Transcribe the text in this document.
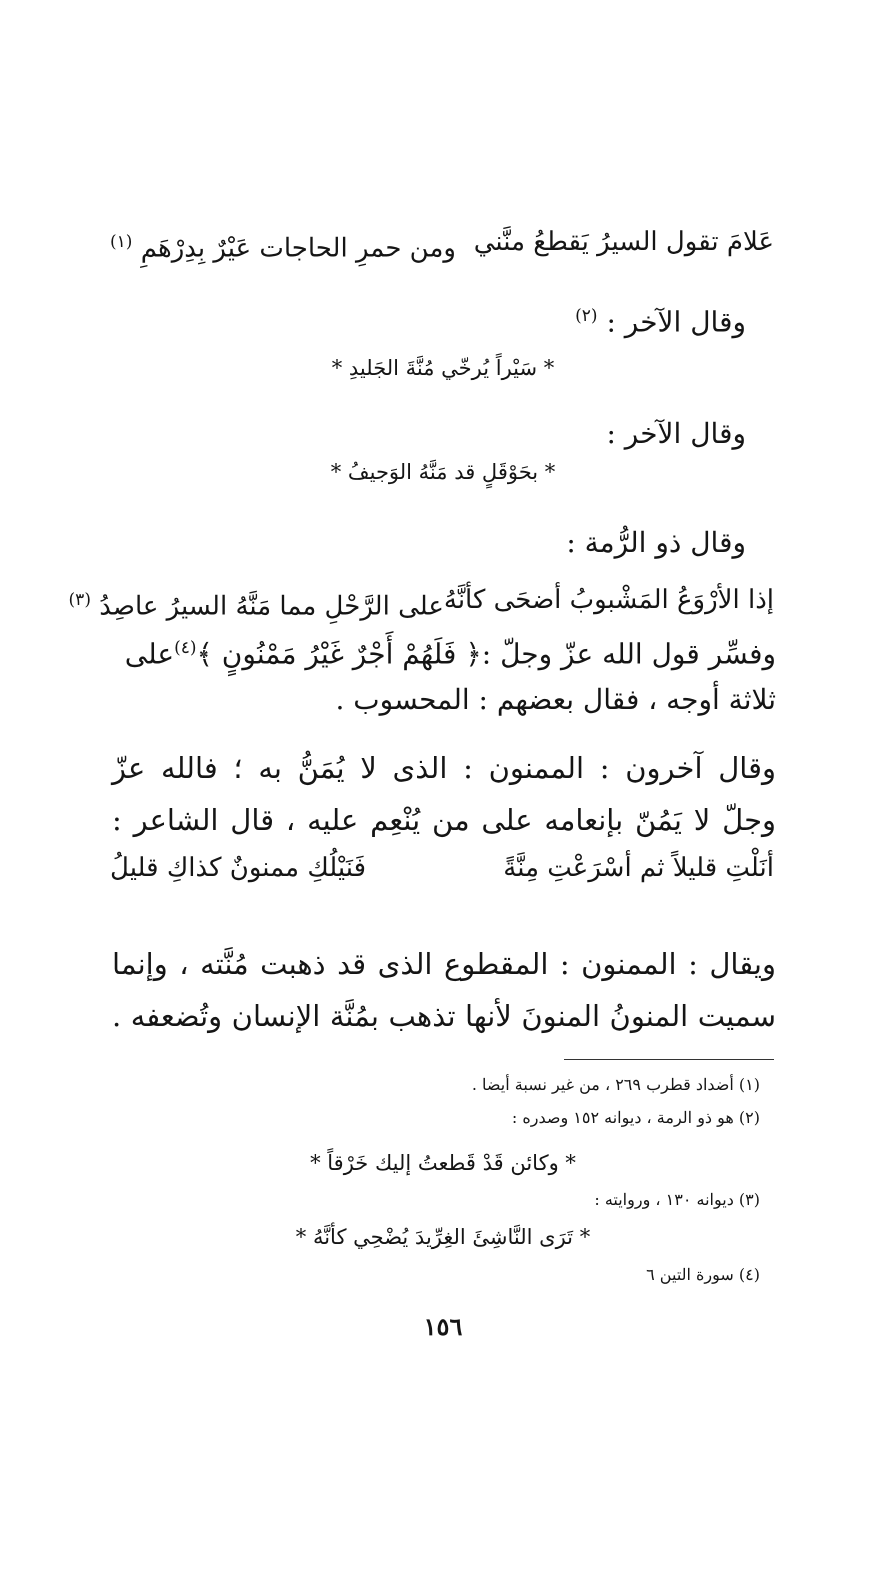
عَلامَ تقول السيرُ يَقطعُ منَّني
ومن حمرِ الحاجات عَيْرٌ بِدِرْهَمِ $^{(١)}$
وقال الآخر : $^{(٢)}$
* سَيْراً يُرخّي مُنَّةَ الجَليدِ *
وقال الآخر :
* بحَوْقَلٍ قد مَنَّهُ الوَجيفُ *
وقال ذو الرُّمة :
إذا الأرْوَعُ المَشْبوبُ أضحَى كأنَّهُ
على الرَّحْلِ مما مَنَّهُ السيرُ عاصِدُ $^{(٣)}$
وفسِّر قول الله عزّ وجلّ :﴿ فَلَهُمْ أَجْرٌ غَيْرُ مَمْنُونٍ ﴾$^{(٤)}$على
ثلاثة أوجه ، فقال بعضهم : المحسوب .
وقال آخرون : الممنون : الذى لا يُمَنُّ به ؛ فالله عزّ
وجلّ لا يَمُنّ بإنعامه على من يُنْعِم عليه ، قال الشاعر :
أنَلْتِ قليلاً ثم أسْرَعْتِ مِنَّةً
فَنَيْلُكِ ممنونٌ كذاكِ قليلُ
ويقال : الممنون : المقطوع الذى قد ذهبت مُنَّته ، وإنما
سميت المنونُ المنونَ لأنها تذهب بمُنَّة الإنسان وتُضعفه .
(١) أضداد قطرب ٢٦٩ ، من غير نسبة أيضا .
(٢) هو ذو الرمة ، ديوانه ١٥٢ وصدره :
* وكائن قَدْ قَطعتُ إليك خَرْقاً *
(٣) ديوانه ١٣٠ ، وروايته :
* تَرَى النَّاشِئَ الغِرِّيدَ يُضْحِي كأنَّهُ *
(٤) سورة التين ٦
١٥٦
